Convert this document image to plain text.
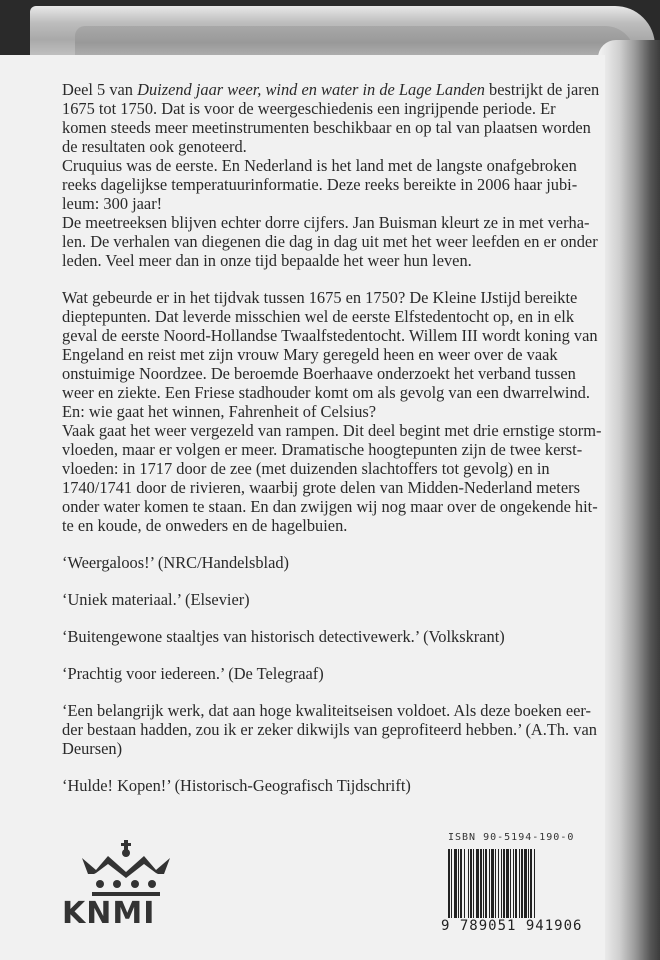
Deel 5 van Duizend jaar weer, wind en water in de Lage Landen bestrijkt de jaren
1675 tot 1750. Dat is voor de weergeschiedenis een ingrijpende periode. Er
komen steeds meer meetinstrumenten beschikbaar en op tal van plaatsen worden
de resultaten ook genoteerd.
Cruquius was de eerste. En Nederland is het land met de langste onafgebroken
reeks dagelijkse temperatuurinformatie. Deze reeks bereikte in 2006 haar jubi-
leum: 300 jaar!
De meetreeksen blijven echter dorre cijfers. Jan Buisman kleurt ze in met verha-
len. De verhalen van diegenen die dag in dag uit met het weer leefden en er onder
leden. Veel meer dan in onze tijd bepaalde het weer hun leven.
Wat gebeurde er in het tijdvak tussen 1675 en 1750? De Kleine IJstijd bereikte
dieptepunten. Dat leverde misschien wel de eerste Elfstedentocht op, en in elk
geval de eerste Noord-Hollandse Twaalfstedentocht. Willem III wordt koning van
Engeland en reist met zijn vrouw Mary geregeld heen en weer over de vaak
onstuimige Noordzee. De beroemde Boerhaave onderzoekt het verband tussen
weer en ziekte. Een Friese stadhouder komt om als gevolg van een dwarrelwind.
En: wie gaat het winnen, Fahrenheit of Celsius?
Vaak gaat het weer vergezeld van rampen. Dit deel begint met drie ernstige storm-
vloeden, maar er volgen er meer. Dramatische hoogtepunten zijn de twee kerst-
vloeden: in 1717 door de zee (met duizenden slachtoffers tot gevolg) en in
1740/1741 door de rivieren, waarbij grote delen van Midden-Nederland meters
onder water komen te staan. En dan zwijgen wij nog maar over de ongekende hit-
te en koude, de onweders en de hagelbuien.
‘Weergaloos!’ (NRC/Handelsblad)
‘Uniek materiaal.’ (Elsevier)
‘Buitengewone staaltjes van historisch detectivewerk.’ (Volkskrant)
‘Prachtig voor iedereen.’ (De Telegraaf)
‘Een belangrijk werk, dat aan hoge kwaliteitseisen voldoet. Als deze boeken eer-
der bestaan hadden, zou ik er zeker dikwijls van geprofiteerd hebben.’ (A.Th. van
Deursen)
‘Hulde! Kopen!’ (Historisch-Geografisch Tijdschrift)
KNMI
ISBN 90-5194-190-0
9 789051 941906
